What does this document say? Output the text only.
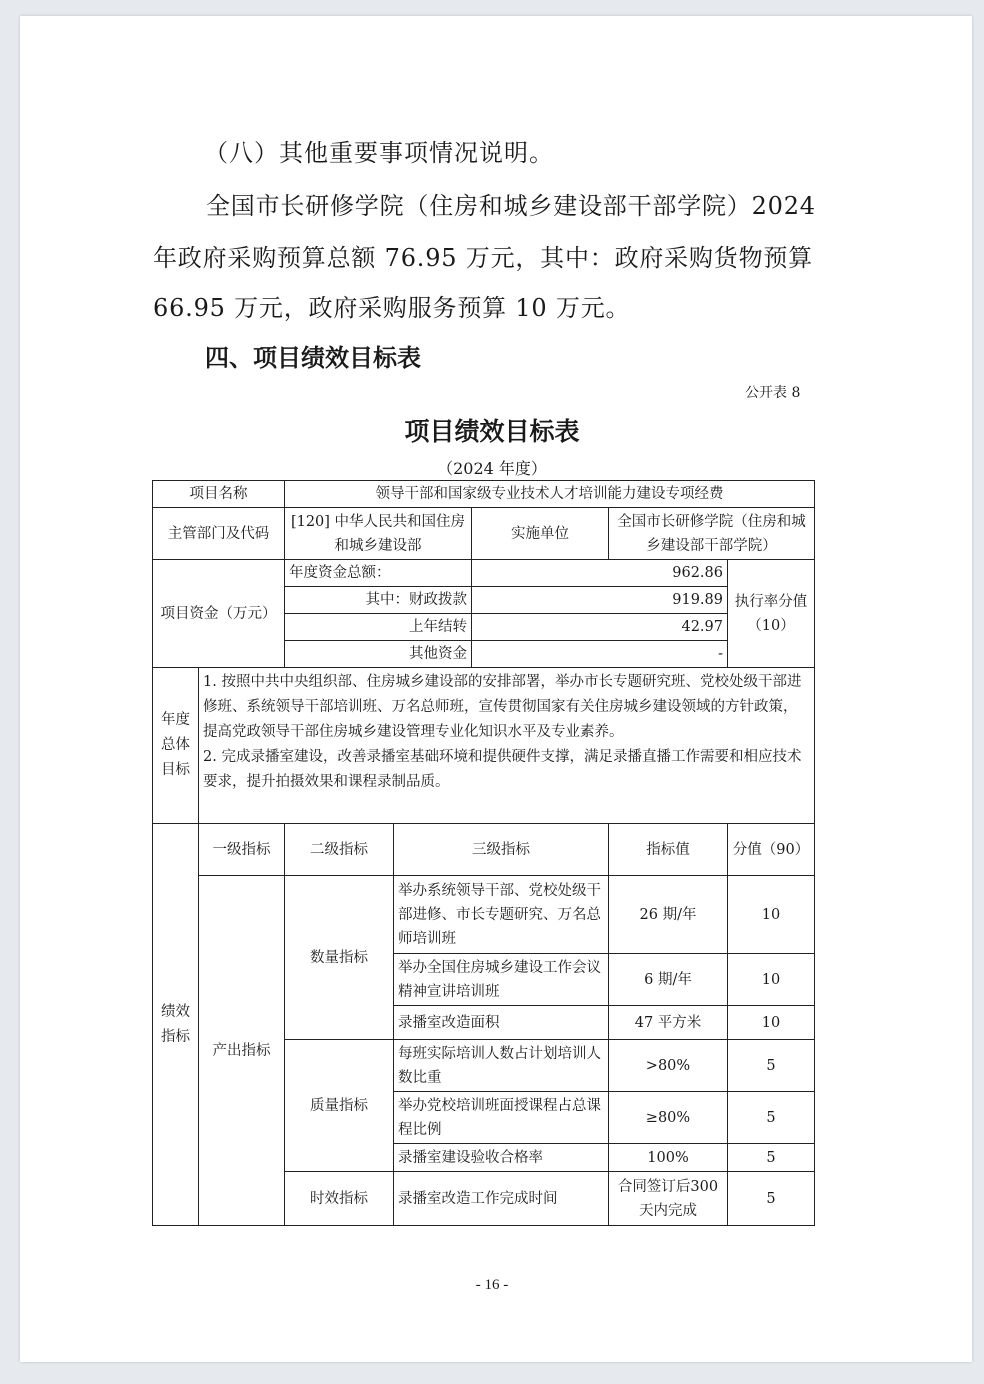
（八）其他重要事项情况说明。
全国市长研修学院（住房和城乡建设部干部学院）2024
年政府采购预算总额 76.95 万元，其中：政府采购货物预算
66.95 万元，政府采购服务预算 10 万元。
四、项目绩效目标表
公开表 8
项目绩效目标表
（2024 年度）
项目名称		领导干部和国家级专业技术人才培训能力建设专项经费				
主管部门及代码		[120] 中华人民共和国住房和城乡建设部		实施单位	全国市长研修学院（住房和城乡建设部干部学院）	
项目资金（万元）		年度资金总额：		962.86		执行率分值（10）
		其中：财政拨款		919.89		
		上年结转		42.97		
		其他资金		-		
年度总体目标	1. 按照中共中央组织部、住房城乡建设部的安排部署，举办市长专题研究班、党校处级干部进修班、系统领导干部培训班、万名总师班，宣传贯彻国家有关住房城乡建设领域的方针政策，提高党政领导干部住房城乡建设管理专业化知识水平及专业素养。
2. 完成录播室建设，改善录播室基础环境和提供硬件支撑，满足录播直播工作需要和相应技术要求，提升拍摄效果和课程录制品质。					

绩效指标	一级指标	二级指标	三级指标		指标值	分值（90）
	产出指标	数量指标	举办系统领导干部、党校处级干部进修、市长专题研究、万名总师培训班		26 期/年	10
			举办全国住房城乡建设工作会议精神宣讲培训班		6 期/年	10
			录播室改造面积		47 平方米	10
		质量指标	每班实际培训人数占计划培训人数比重		>80%	5
			举办党校培训班面授课程占总课程比例		≥80%	5
			录播室建设验收合格率		100%	5
		时效指标	录播室改造工作完成时间		合同签订后300 天内完成	5
- 16 -
